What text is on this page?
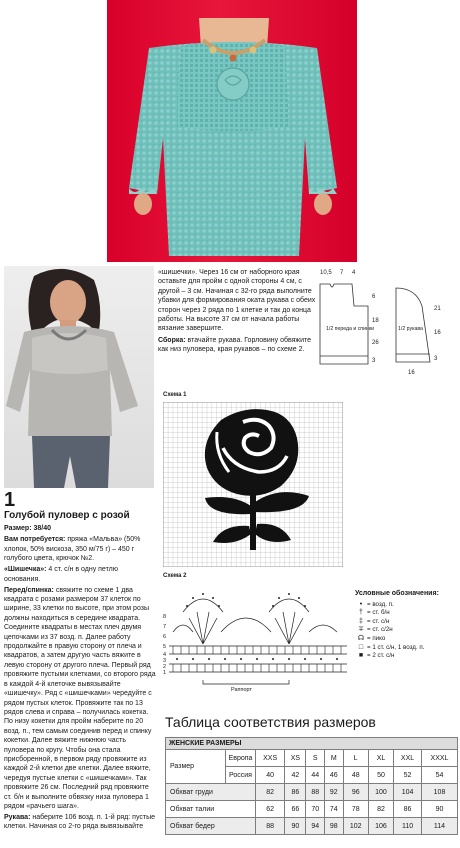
1
Голубой пуловер с розой

Размер: 38/40

Вам потребуется: пряжа «Мальва» (50% хлопок, 50% вискоза, 350 м/75 г) – 450 г голубого цвета, крючок №2.

«Шишечка»: 4 ст. с/н в одну петлю основания.

Перед/спинка: свяжите по схеме 1 два квадрата с розами размером 37 клеток по ширине, 33 клетки по высоте, при этом розы должны находиться в середине квадрата. Соедините квадраты в местах плеч двумя цепочками из 37 возд. п. Далее работу продолжайте в правую сторону от плеча и квадратов, а затем другую часть вяжите в левую сторону от другого плеча. Первый ряд провяжите пустыми клетками, со второго ряда в каждой 4-й клеточке вывязывайте «шишечку». Ряд с «шишечками» чередуйте с рядом пустых клеток. Провяжите так по 13 рядов слева и справа – получилась кокетка. По низу кокетки для пройм наберите по 20 возд. п., тем самым соединив перед и спинку кокетки. Далее вяжите нижнюю часть пуловера по кругу. Чтобы она стала присборенной, в первом ряду провяжите из каждой 2-й клетки две клетки. Далее вяжите, чередуя пустые клетки с «шишечками». Так провяжите 26 см. Последний ряд провяжите ст. б/н и выполните обвязку низа пуловера 1 рядом «рачьего шага».

Рукава: наберите 106 возд. п. 1-й ряд: пустые клетки. Начиная со 2-го ряда вывязывайте

«шишечки». Через 16 см от наборного края оставьте для пройм с одной стороны 4 см, с другой – 3 см. Начиная с 32-го ряда выполните убавки для формирования оката рукава с обеих сторон через 2 ряда по 1 клетке и так до конца работы. На высоте 37 см от начала работы вязание завершите.

Сборка: втачайте рукава. Горловину обвяжите как низ пуловера, края рукавов – по схеме 2.

10,5 7 4
6
18
26
3
1/2 переда и спинки
21
16
3
16
1/2 рукава
Схема 1
Схема 2
8
7
6
5
4
3
2
1
Раппорт
Условные обозначения:
• = возд. п.
† = ст. б/н
‡ = ст. с/н
∓ = ст. с/2н
☊ = пико
□ = 1 ст. с/н, 1 возд. п.
■ = 2 ст. с/н
Таблица соответствия размеров
ЖЕНСКИЕ РАЗМЕРЫ									
Размер	Европа	XXS	XS	S	M	L	XL	XXL	XXXL
	Россия	40	42	44	46	48	50	52	54
Обхват груди		82	86	88	92	96	100	104	108
Обхват талии		62	66	70	74	78	82	86	90
Обхват бедер		88	90	94	98	102	106	110	114
